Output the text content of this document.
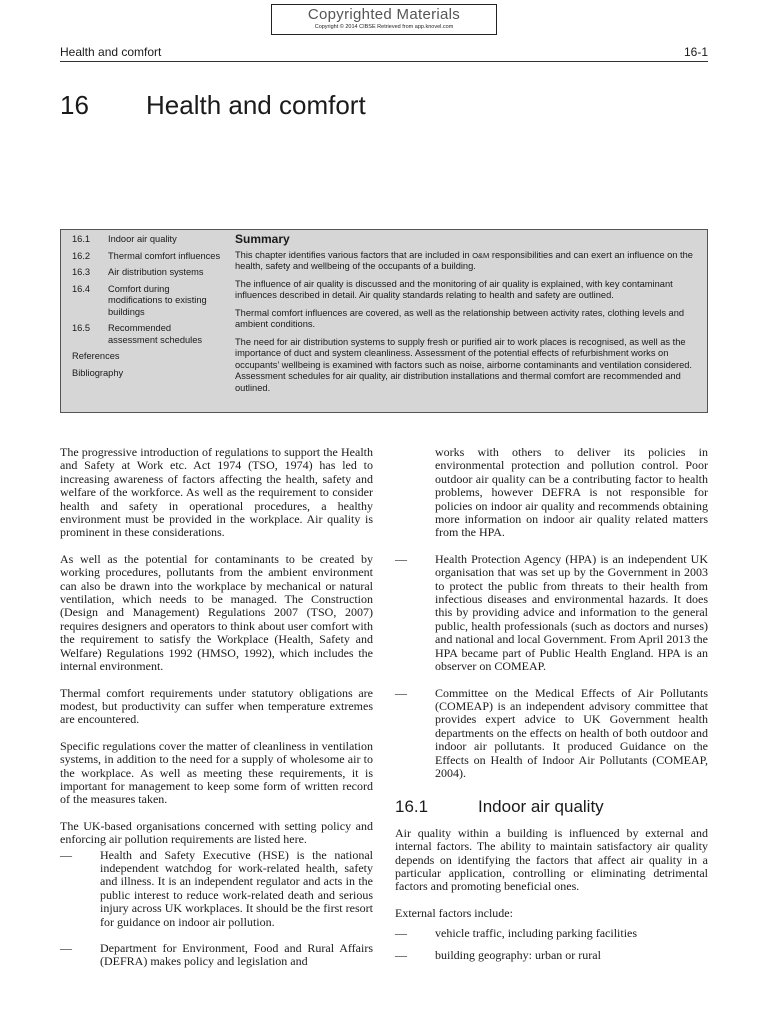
Copyrighted Materials
Copyright © 2014 CIBSE Retrieved from app.knovel.com
Health and comfort	16-1
16 Health and comfort
16.1	Indoor air quality
16.2	Thermal comfort influences
16.3	Air distribution systems
16.4	Comfort during modifications to existing buildings
16.5	Recommended assessment schedules
References
Bibliography
Summary

This chapter identifies various factors that are included in O&M responsibilities and can exert an influence on the health, safety and wellbeing of the occupants of a building.

The influence of air quality is discussed and the monitoring of air quality is explained, with key contaminant influences described in detail. Air quality standards relating to health and safety are outlined.

Thermal comfort influences are covered, as well as the relationship between activity rates, clothing levels and ambient conditions.

The need for air distribution systems to supply fresh or purified air to work places is recognised, as well as the importance of duct and system cleanliness. Assessment of the potential effects of refurbishment works on occupants’ wellbeing is examined with factors such as noise, airborne contaminants and ventilation considered. Assessment schedules for air quality, air distribution installations and thermal comfort are recommended and outlined.

The progressive introduction of regulations to support the Health and Safety at Work etc. Act 1974 (TSO, 1974) has led to increasing awareness of factors affecting the health, safety and welfare of the workforce. As well as the requirement to consider health and safety in operational procedures, a healthy environment must be provided in the workplace. Air quality is prominent in these considerations.

As well as the potential for contaminants to be created by working procedures, pollutants from the ambient environment can also be drawn into the workplace by mechanical or natural ventilation, which needs to be managed. The Construction (Design and Management) Regulations 2007 (TSO, 2007) requires designers and operators to think about user comfort with the requirement to satisfy the Workplace (Health, Safety and Welfare) Regulations 1992 (HMSO, 1992), which includes the internal environment.

Thermal comfort requirements under statutory obligations are modest, but productivity can suffer when temperature extremes are encountered.

Specific regulations cover the matter of cleanliness in ventilation systems, in addition to the need for a supply of wholesome air to the workplace. As well as meeting these requirements, it is important for management to keep some form of written record of the measures taken.

The UK-based organisations concerned with setting policy and enforcing air pollution requirements are listed here.

—	Health and Safety Executive (HSE) is the national independent watchdog for work-related health, safety and illness. It is an independent regulator and acts in the public interest to reduce work-related death and serious injury across UK workplaces. It should be the first resort for guidance on indoor air pollution.
—	Department for Environment, Food and Rural Affairs (DEFRA) makes policy and legislation and
works with others to deliver its policies in environmental protection and pollution control. Poor outdoor air quality can be a contributing factor to health problems, however DEFRA is not responsible for policies on indoor air quality and recommends obtaining more information on indoor air quality related matters from the HPA.
—	Health Protection Agency (HPA) is an independent UK organisation that was set up by the Government in 2003 to protect the public from threats to their health from infectious diseases and environmental hazards. It does this by providing advice and information to the general public, health professionals (such as doctors and nurses) and national and local Government. From April 2013 the HPA became part of Public Health England. HPA is an observer on COMEAP.
—	Committee on the Medical Effects of Air Pollutants (COMEAP) is an independent advisory committee that provides expert advice to UK Government health departments on the effects on health of both outdoor and indoor air pollutants. It produced Guidance on the Effects on Health of Indoor Air Pollutants (COMEAP, 2004).
16.1	Indoor air quality

Air quality within a building is influenced by external and internal factors. The ability to maintain satisfactory air quality depends on identifying the factors that affect air quality in a particular application, controlling or eliminating detrimental factors and promoting beneficial ones.

External factors include:

—	vehicle traffic, including parking facilities
—	building geography: urban or rural
